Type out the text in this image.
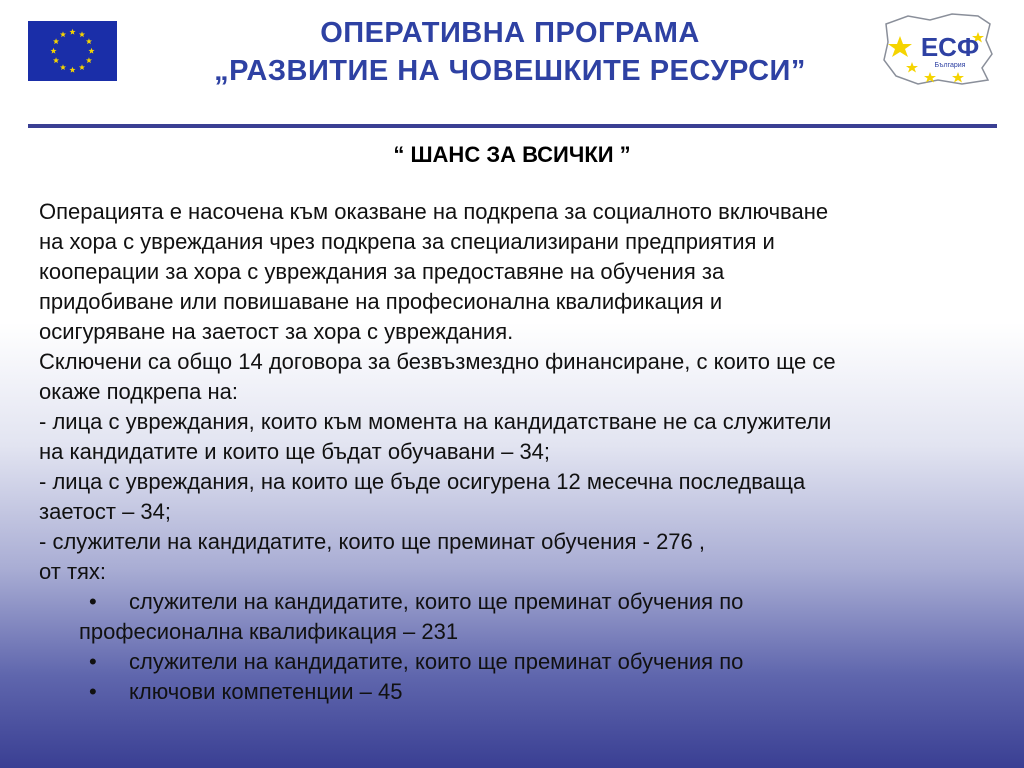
ОПЕРАТИВНА ПРОГРАМА
„РАЗВИТИЕ НА ЧОВЕШКИТЕ РЕСУРСИ”
ЕСФ
България
“ ШАНС ЗА ВСИЧКИ ”

Операцията е насочена към оказване на подкрепа за социалното включване

на хора с увреждания чрез подкрепа за специализирани предприятия и

кооперации за хора с увреждания за предоставяне на обучения за

придобиване или повишаване на професионална квалификация и

осигуряване на заетост за хора с увреждания.

Сключени са общо 14 договора за безвъзмездно финансиране, с които ще се

окаже подкрепа на:

- лица с увреждания, които към момента на кандидатстване не са служители

на кандидатите и които ще бъдат обучавани – 34;

- лица с увреждания, на които ще бъде осигурена 12 месечна последваща

заетост – 34;

- служители на кандидатите, които ще преминат обучения - 276 ,

от тях:

•	служители на кандидатите, които ще преминат обучения по
професионална квалификация – 231
• служители на кандидатите, които ще преминат обучения по
• ключови компетенции – 45
